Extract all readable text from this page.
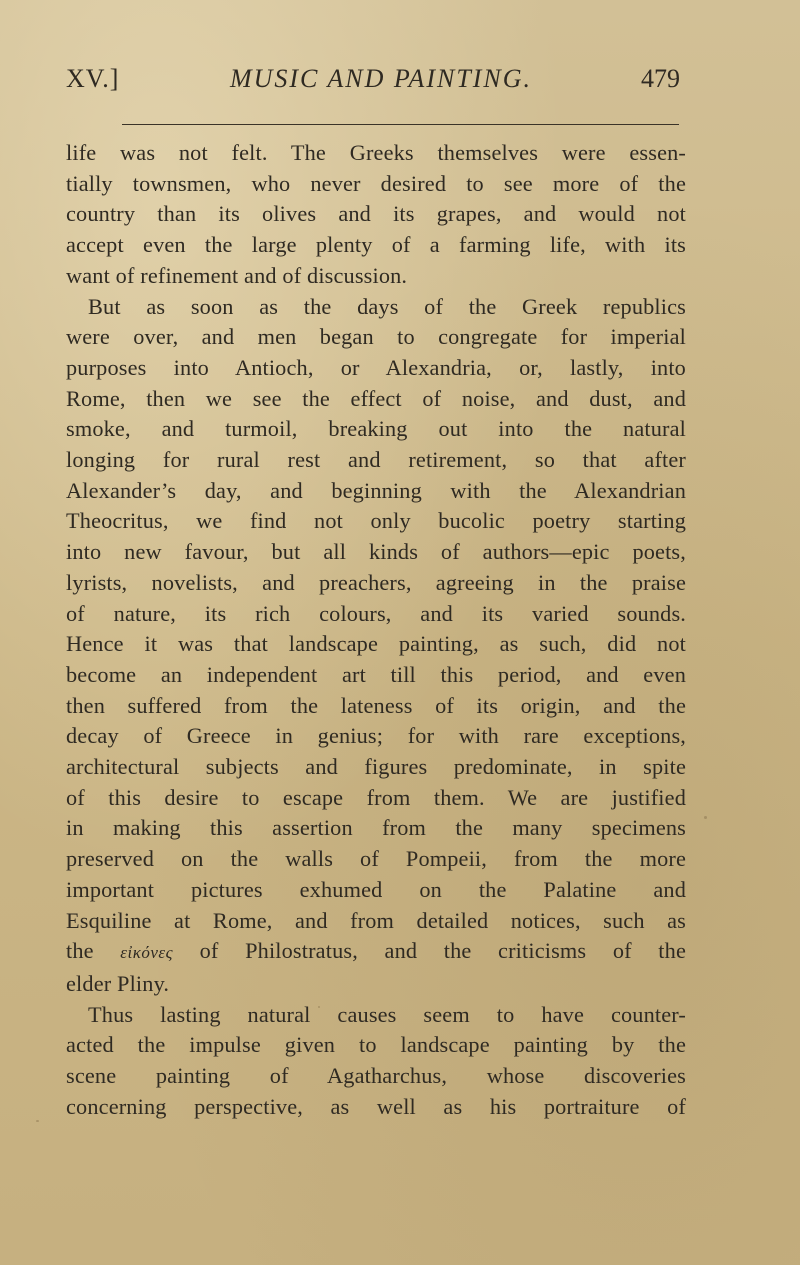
XV.]	MUSIC AND PAINTING.	479
life was not felt. The Greeks themselves were essen-
tially townsmen, who never desired to see more of the
country than its olives and its grapes, and would not
accept even the large plenty of a farming life, with its
want of refinement and of discussion.
But as soon as the days of the Greek republics
were over, and men began to congregate for imperial
purposes into Antioch, or Alexandria, or, lastly, into
Rome, then we see the effect of noise, and dust, and
smoke, and turmoil, breaking out into the natural
longing for rural rest and retirement, so that after
Alexander’s day, and beginning with the Alexandrian
Theocritus, we find not only bucolic poetry starting
into new favour, but all kinds of authors—epic poets,
lyrists, novelists, and preachers, agreeing in the praise
of nature, its rich colours, and its varied sounds.
Hence it was that landscape painting, as such, did not
become an independent art till this period, and even
then suffered from the lateness of its origin, and the
decay of Greece in genius; for with rare exceptions,
architectural subjects and figures predominate, in spite
of this desire to escape from them. We are justified
in making this assertion from the many specimens
preserved on the walls of Pompeii, from the more
important pictures exhumed on the Palatine and
Esquiline at Rome, and from detailed notices, such as
the εἰκόνες of Philostratus, and the criticisms of the
elder Pliny.
Thus lasting natural causes seem to have counter-
acted the impulse given to landscape painting by the
scene painting of Agatharchus, whose discoveries
concerning perspective, as well as his portraiture of
